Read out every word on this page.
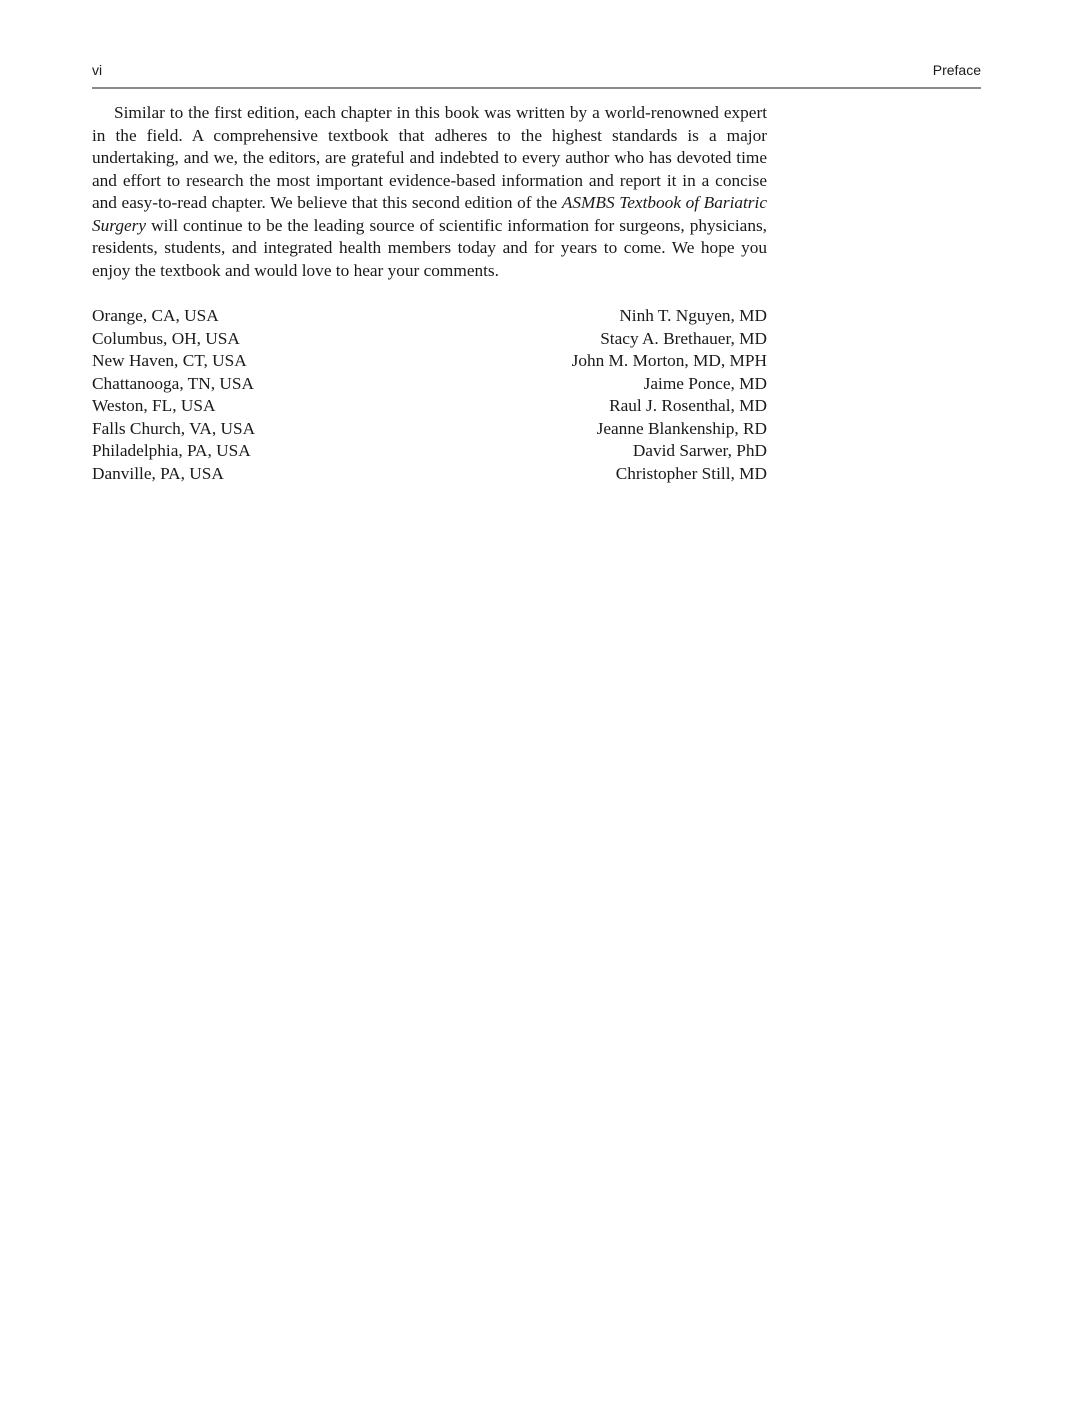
vi	Preface

Similar to the first edition, each chapter in this book was written by a world-renowned expert in the field. A comprehensive textbook that adheres to the highest standards is a major undertaking, and we, the editors, are grateful and indebted to every author who has devoted time and effort to research the most important evidence-based information and report it in a concise and easy-to-read chapter. We believe that this second edition of the ASMBS Textbook of Bariatric Surgery will continue to be the leading source of scientific information for surgeons, physicians, residents, students, and integrated health members today and for years to come. We hope you enjoy the textbook and would love to hear your comments.

Orange, CA, USA	Ninh T. Nguyen, MD
Columbus, OH, USA	Stacy A. Brethauer, MD
New Haven, CT, USA	John M. Morton, MD, MPH
Chattanooga, TN, USA	Jaime Ponce, MD
Weston, FL, USA	Raul J. Rosenthal, MD
Falls Church, VA, USA	Jeanne Blankenship, RD
Philadelphia, PA, USA	David Sarwer, PhD
Danville, PA, USA	Christopher Still, MD
